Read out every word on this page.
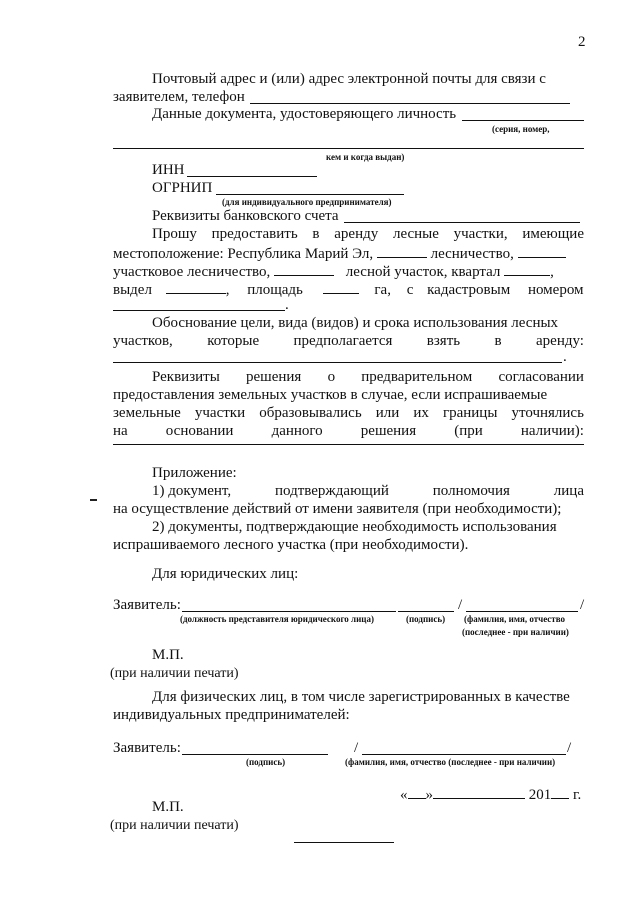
2
Почтовый адрес и (или) адрес электронной почты для связи с
заявителем, телефон
Данные документа, удостоверяющего личность
(серия, номер,
кем и когда выдан)
ИНН
ОГРНИП
(для индивидуального предпринимателя)
Реквизиты банковского счета
Прошу предоставить в аренду лесные участки, имеющие
местоположение: Республика Марий Эл,	лесничество,
участковое лесничество,	лесной участок, квартал	,
выдел	, площадь	га, с кадастровым номером
.
Обоснование цели, вида (видов) и срока использования лесных
участков, которые предполагается взять в аренду:
.
Реквизиты решения о предварительном согласовании
предоставления земельных участков в случае, если испрашиваемые
земельные участки образовывались или их границы уточнялись
на	основании	данного	решения	(при	наличии):
Приложение:
1) документ,	подтверждающий	полномочия	лица
на осуществление действий от имени заявителя (при необходимости);
2) документы, подтверждающие необходимость использования
испрашиваемого лесного участка (при необходимости).
Для юридических лиц:
Заявитель:	/	/
(должность представителя юридического лица)	(подпись) (фамилия, имя, отчество
(последнее - при наличии)
М.П.
(при наличии печати)
Для физических лиц, в том числе зарегистрированных в качестве
индивидуальных предпринимателей:
Заявитель:	/	/
(подпись)	(фамилия, имя, отчество (последнее - при наличии)
« »	201 г.
М.П.
(при наличии печати)
